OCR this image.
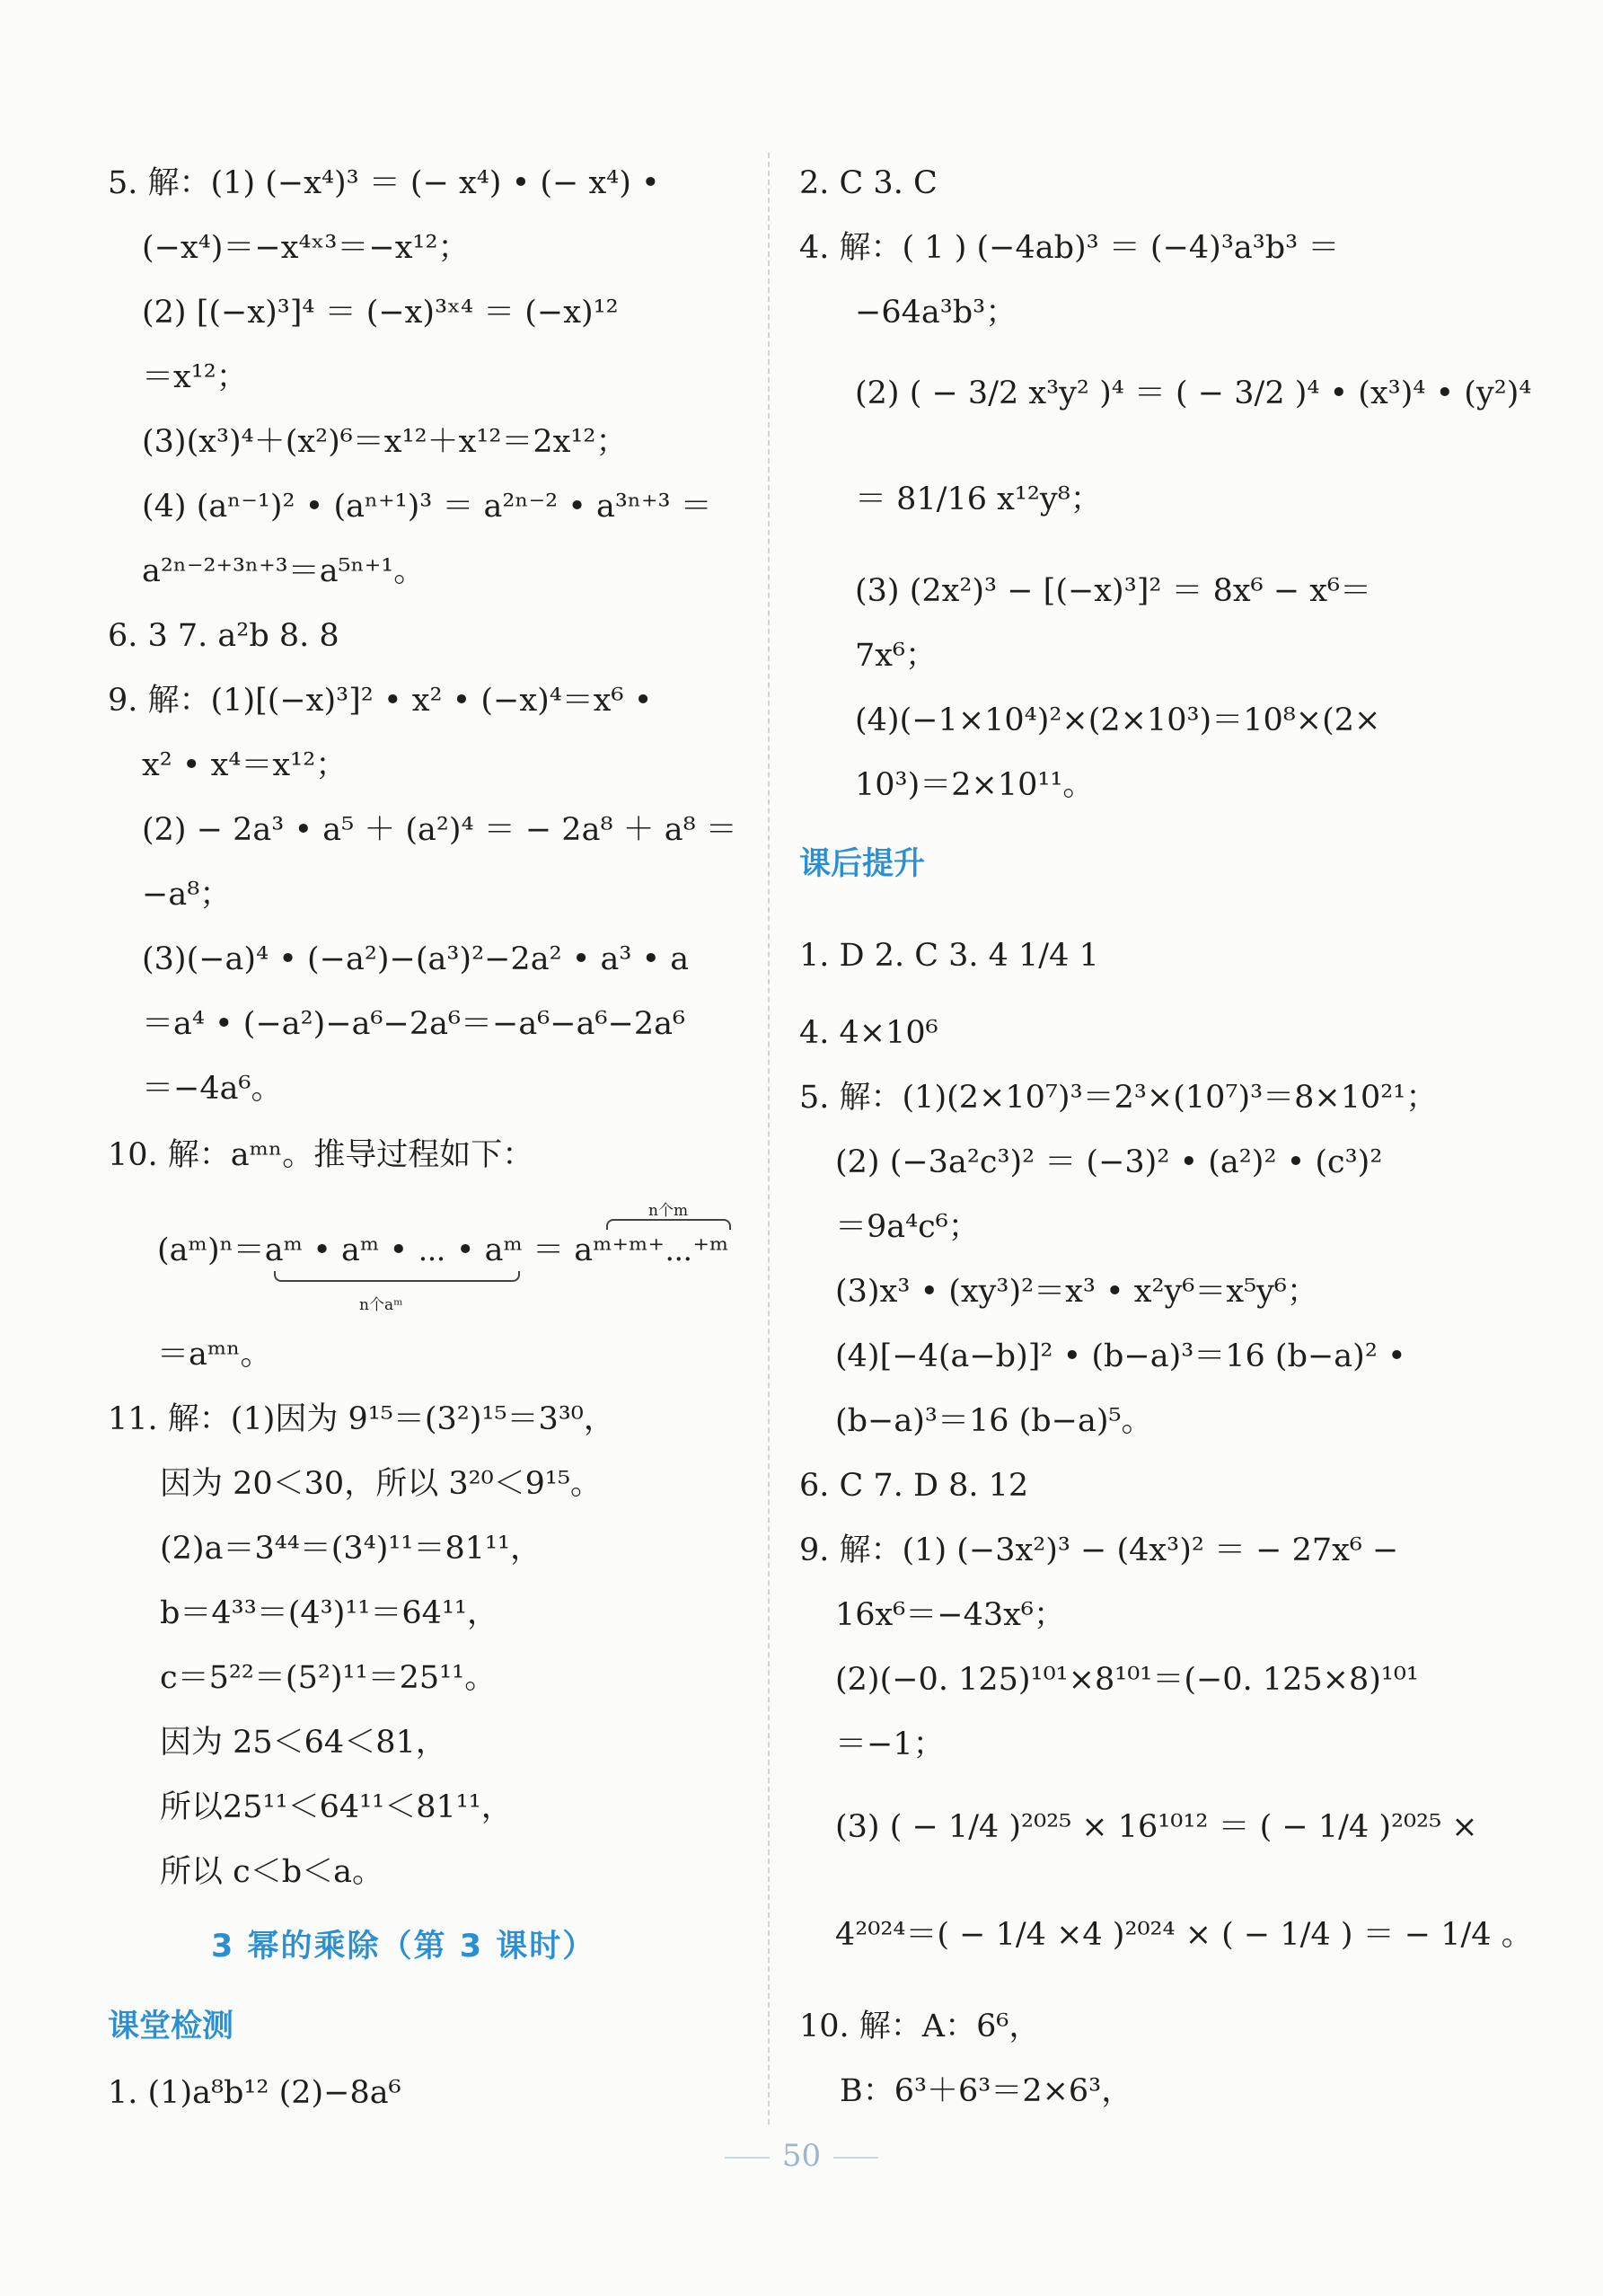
5. 解：(1) (−x⁴)³ ＝ (− x⁴) • (− x⁴) •
(−x⁴)＝−x⁴ˣ³＝−x¹²；
(2) [(−x)³]⁴ ＝ (−x)³ˣ⁴ ＝ (−x)¹²
＝x¹²；
(3)(x³)⁴＋(x²)⁶＝x¹²＋x¹²＝2x¹²；
(4) (aⁿ⁻¹)² • (aⁿ⁺¹)³ ＝ a²ⁿ⁻² • a³ⁿ⁺³ ＝
a²ⁿ⁻²⁺³ⁿ⁺³＝a⁵ⁿ⁺¹。
6. 3 7. a²b 8. 8
9. 解：(1)[(−x)³]² • x² • (−x)⁴＝x⁶ •
x² • x⁴＝x¹²；
(2) − 2a³ • a⁵ ＋ (a²)⁴ ＝ − 2a⁸ ＋ a⁸ ＝
−a⁸；
(3)(−a)⁴ • (−a²)−(a³)²−2a² • a³ • a
＝a⁴ • (−a²)−a⁶−2a⁶＝−a⁶−a⁶−2a⁶
＝−4a⁶。
10. 解：aᵐⁿ。推导过程如下：
(aᵐ)ⁿ＝aᵐ • aᵐ • ⋯ • aᵐ ＝ aᵐ⁺ᵐ⁺⋯⁺ᵐ
n个aᵐ
n个m
＝aᵐⁿ。
11. 解：(1)因为 9¹⁵＝(3²)¹⁵＝3³⁰，
因为 20＜30，所以 3²⁰＜9¹⁵。
(2)a＝3⁴⁴＝(3⁴)¹¹＝81¹¹，
b＝4³³＝(4³)¹¹＝64¹¹，
c＝5²²＝(5²)¹¹＝25¹¹。
因为 25＜64＜81，
所以25¹¹＜64¹¹＜81¹¹，
所以 c＜b＜a。
3 幂的乘除（第 3 课时）
课堂检测
1. (1)a⁸b¹² (2)−8a⁶
2. C 3. C
4. 解：( 1 ) (−4ab)³ ＝ (−4)³a³b³ ＝
−64a³b³；
(2) ( − 3/2 x³y² )⁴ ＝ ( − 3/2 )⁴ • (x³)⁴ • (y²)⁴
＝ 81/16 x¹²y⁸；
(3) (2x²)³ − [(−x)³]² ＝ 8x⁶ − x⁶＝
7x⁶；
(4)(−1×10⁴)²×(2×10³)＝10⁸×(2×
10³)＝2×10¹¹。
课后提升
1. D 2. C 3. 4 1/4 1
4. 4×10⁶
5. 解：(1)(2×10⁷)³＝2³×(10⁷)³＝8×10²¹；
(2) (−3a²c³)² ＝ (−3)² • (a²)² • (c³)²
＝9a⁴c⁶；
(3)x³ • (xy³)²＝x³ • x²y⁶＝x⁵y⁶；
(4)[−4(a−b)]² • (b−a)³＝16 (b−a)² •
(b−a)³＝16 (b−a)⁵。
6. C 7. D 8. 12
9. 解：(1) (−3x²)³ − (4x³)² ＝ − 27x⁶ −
16x⁶＝−43x⁶；
(2)(−0. 125)¹⁰¹×8¹⁰¹＝(−0. 125×8)¹⁰¹
＝−1；
(3) ( − 1/4 )²⁰²⁵ × 16¹⁰¹² ＝ ( − 1/4 )²⁰²⁵ ×
4²⁰²⁴＝( − 1/4 ×4 )²⁰²⁴ × ( − 1/4 ) ＝ − 1/4 。
10. 解：A：6⁶，
B：6³＋6³＝2×6³，
50
